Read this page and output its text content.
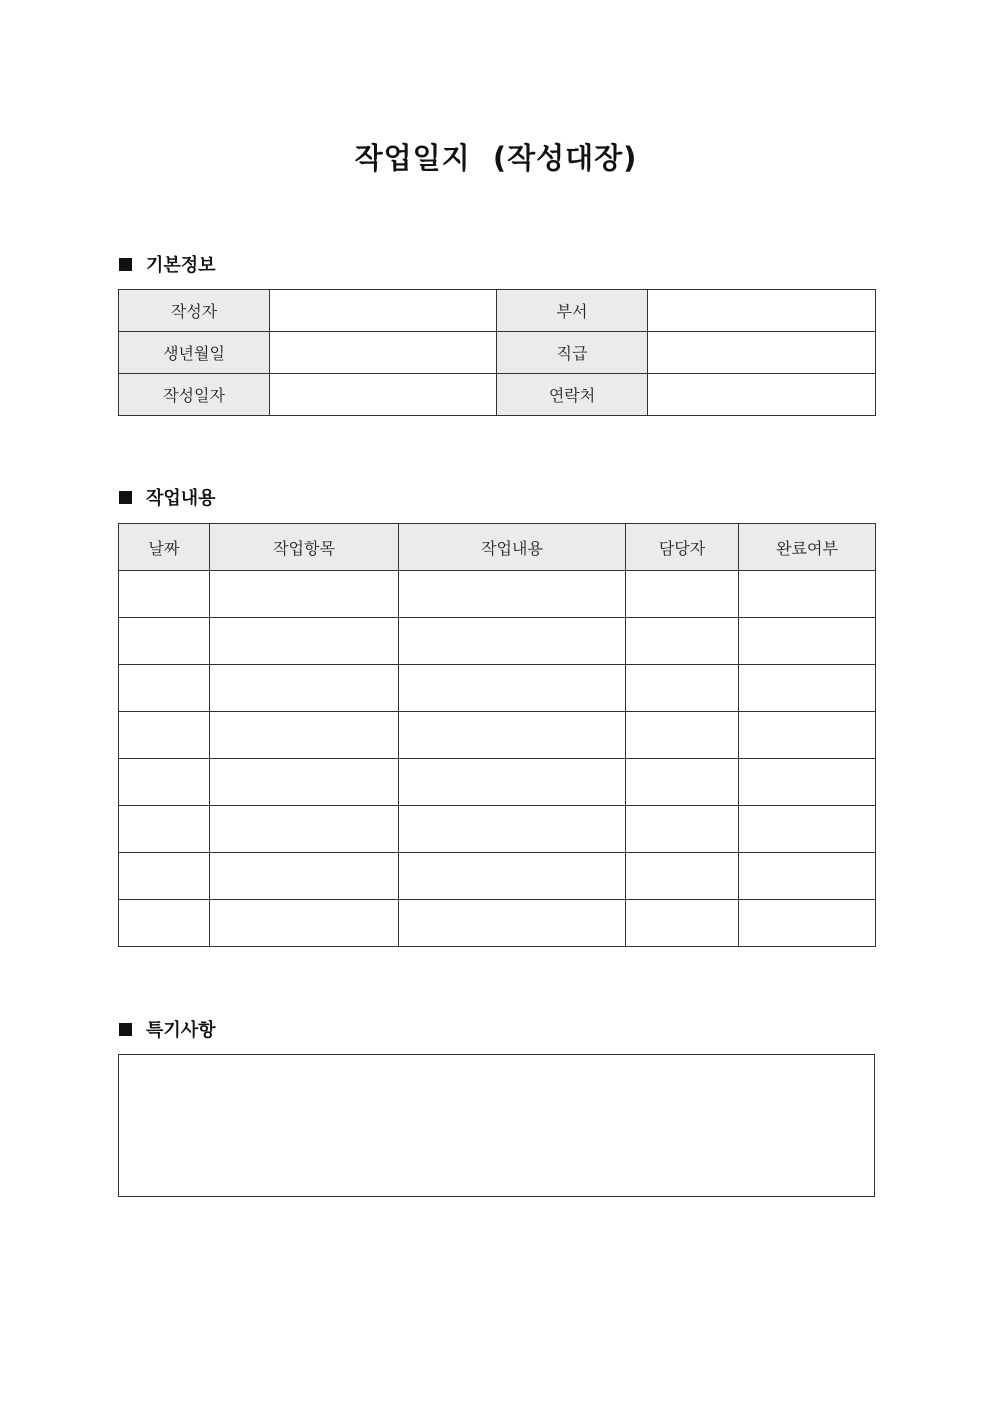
작업일지  (작성대장)
기본정보
작성자		부서	
생년월일		직급	
작성일자		연락처	
작업내용
날짜	작업항목	작업내용	담당자	완료여부

특기사항
